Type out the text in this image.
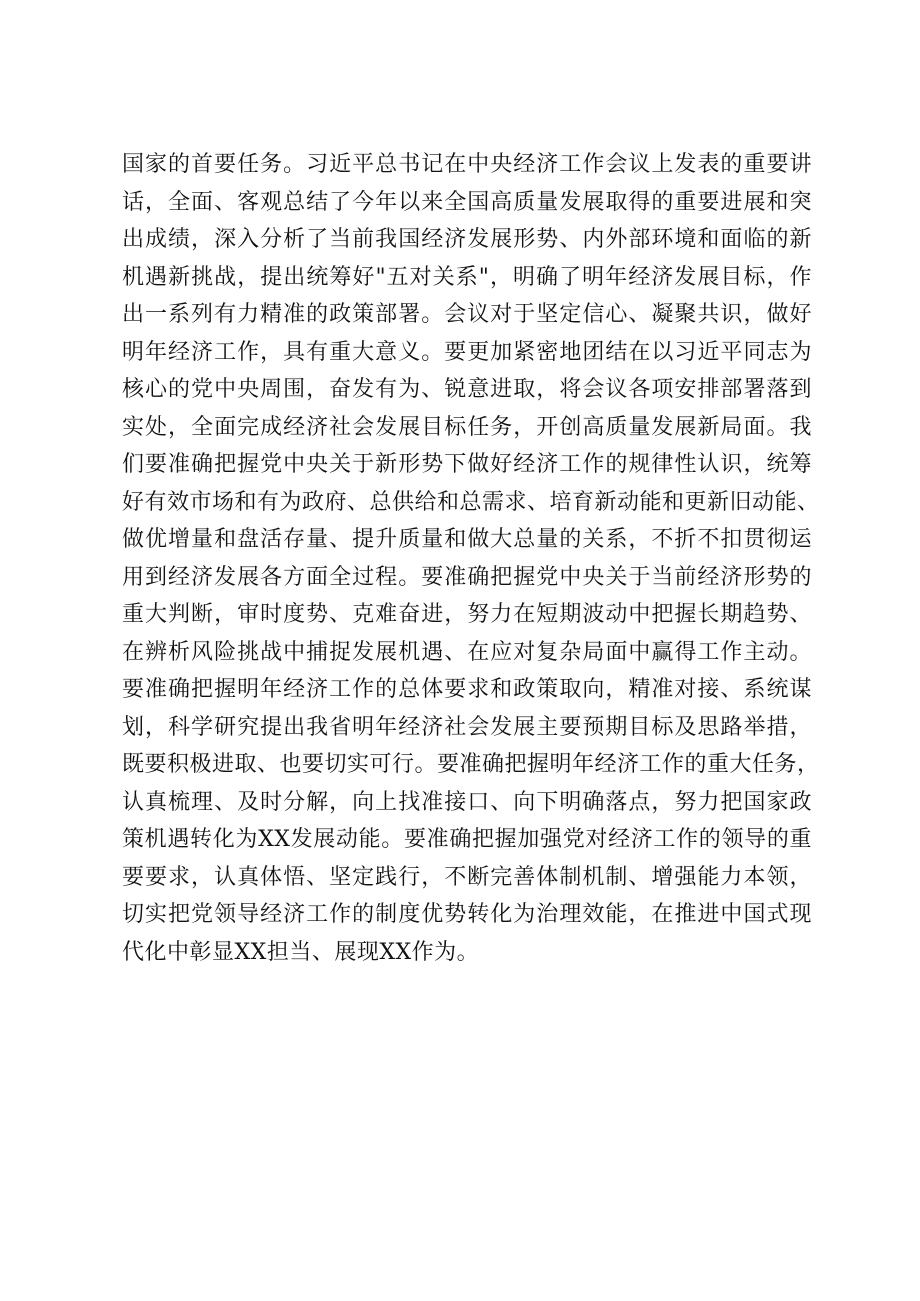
国家的首要任务。习近平总书记在中央经济工作会议上发表的重要讲
话，全面、客观总结了今年以来全国高质量发展取得的重要进展和突
出成绩，深入分析了当前我国经济发展形势、内外部环境和面临的新
机遇新挑战，提出统筹好"五对关系"，明确了明年经济发展目标，作
出一系列有力精准的政策部署。会议对于坚定信心、凝聚共识，做好
明年经济工作，具有重大意义。要更加紧密地团结在以习近平同志为
核心的党中央周围，奋发有为、锐意进取，将会议各项安排部署落到
实处，全面完成经济社会发展目标任务，开创高质量发展新局面。我
们要准确把握党中央关于新形势下做好经济工作的规律性认识，统筹
好有效市场和有为政府、总供给和总需求、培育新动能和更新旧动能、
做优增量和盘活存量、提升质量和做大总量的关系，不折不扣贯彻运
用到经济发展各方面全过程。要准确把握党中央关于当前经济形势的
重大判断，审时度势、克难奋进，努力在短期波动中把握长期趋势、
在辨析风险挑战中捕捉发展机遇、在应对复杂局面中赢得工作主动。
要准确把握明年经济工作的总体要求和政策取向，精准对接、系统谋
划，科学研究提出我省明年经济社会发展主要预期目标及思路举措，
既要积极进取、也要切实可行。要准确把握明年经济工作的重大任务，
认真梳理、及时分解，向上找准接口、向下明确落点，努力把国家政
策机遇转化为XX发展动能。要准确把握加强党对经济工作的领导的重
要要求，认真体悟、坚定践行，不断完善体制机制、增强能力本领，
切实把党领导经济工作的制度优势转化为治理效能，在推进中国式现
代化中彰显XX担当、展现XX作为。
